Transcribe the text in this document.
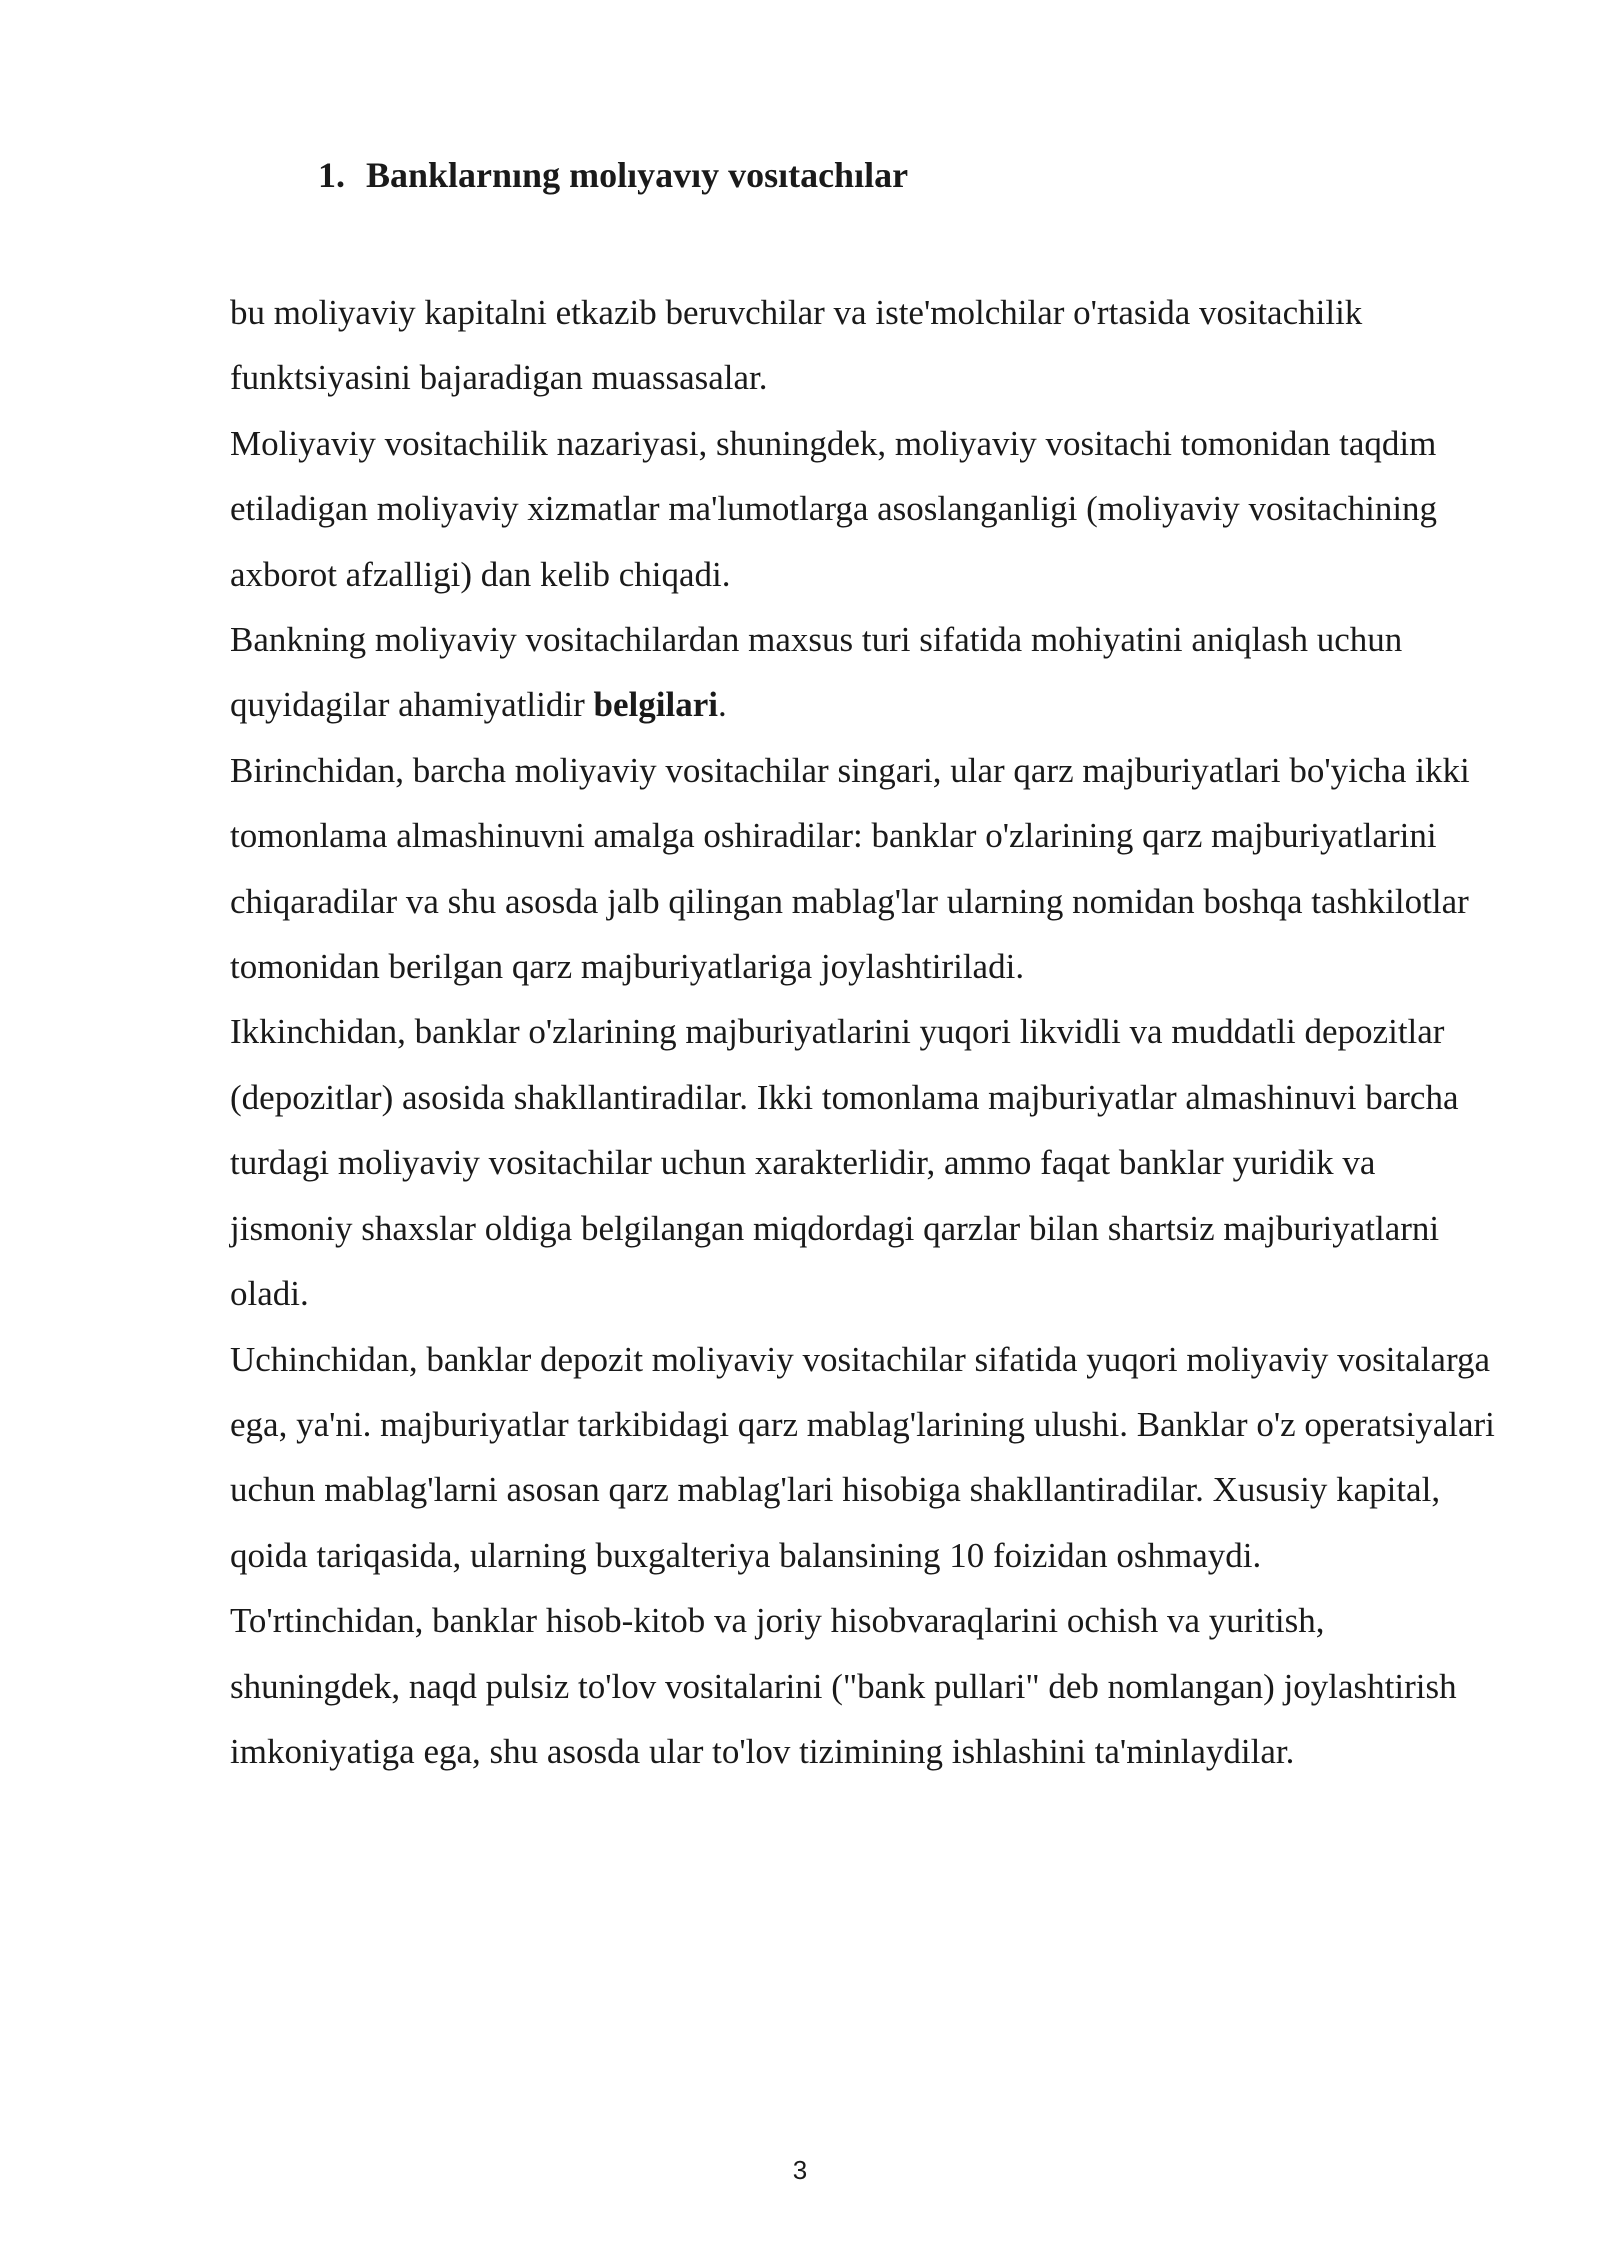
1. Banklarnıng molıyavıy vosıtachılar

bu moliyaviy kapitalni etkazib beruvchilar va iste'molchilar o'rtasida vositachilik funktsiyasini bajaradigan muassasalar.

Moliyaviy vositachilik nazariyasi, shuningdek, moliyaviy vositachi tomonidan taqdim etiladigan moliyaviy xizmatlar ma'lumotlarga asoslanganligi (moliyaviy vositachining axborot afzalligi) dan kelib chiqadi.

Bankning moliyaviy vositachilardan maxsus turi sifatida mohiyatini aniqlash uchun quyidagilar ahamiyatlidir belgilari.

Birinchidan, barcha moliyaviy vositachilar singari, ular qarz majburiyatlari bo'yicha ikki tomonlama almashinuvni amalga oshiradilar: banklar o'zlarining qarz majburiyatlarini chiqaradilar va shu asosda jalb qilingan mablag'lar ularning nomidan boshqa tashkilotlar tomonidan berilgan qarz majburiyatlariga joylashtiriladi.

Ikkinchidan, banklar o'zlarining majburiyatlarini yuqori likvidli va muddatli depozitlar (depozitlar) asosida shakllantiradilar. Ikki tomonlama majburiyatlar almashinuvi barcha turdagi moliyaviy vositachilar uchun xarakterlidir, ammo faqat banklar yuridik va jismoniy shaxslar oldiga belgilangan miqdordagi qarzlar bilan shartsiz majburiyatlarni oladi.

Uchinchidan, banklar depozit moliyaviy vositachilar sifatida yuqori moliyaviy vositalarga ega, ya'ni. majburiyatlar tarkibidagi qarz mablag'larining ulushi. Banklar o'z operatsiyalari uchun mablag'larni asosan qarz mablag'lari hisobiga shakllantiradilar. Xususiy kapital, qoida tariqasida, ularning buxgalteriya balansining 10 foizidan oshmaydi.

To'rtinchidan, banklar hisob-kitob va joriy hisobvaraqlarini ochish va yuritish, shuningdek, naqd pulsiz to'lov vositalarini ("bank pullari" deb nomlangan) joylashtirish imkoniyatiga ega, shu asosda ular to'lov tizimining ishlashini ta'minlaydilar.

3
